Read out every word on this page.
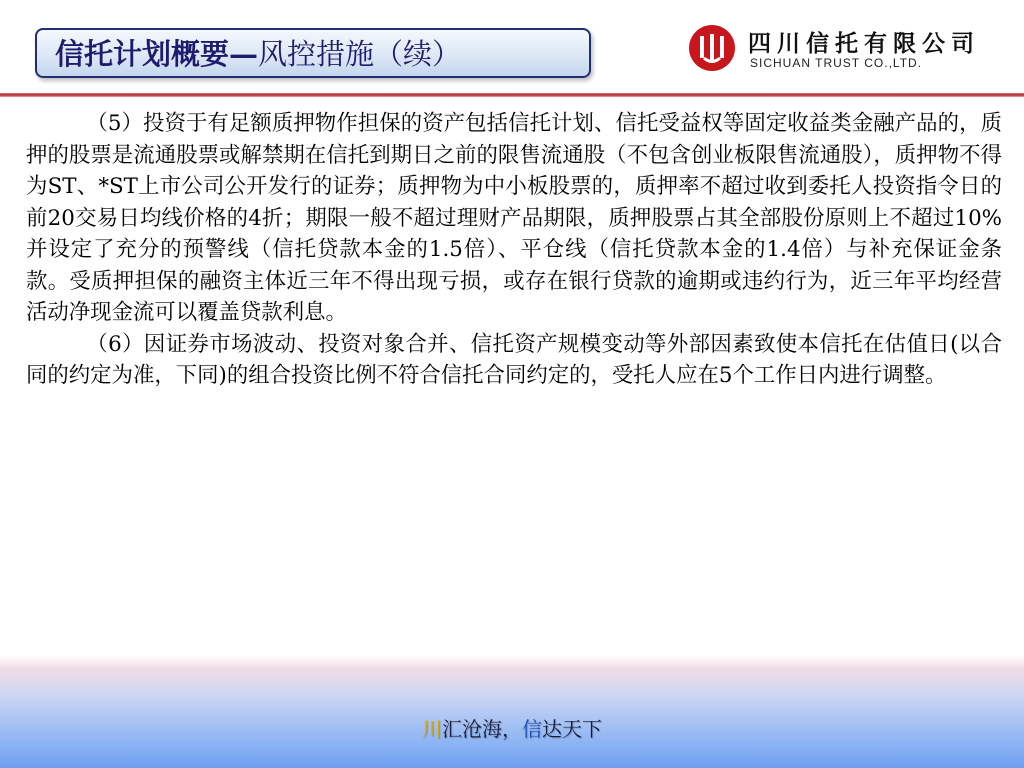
信托计划概要—风控措施（续）	四川信托有限公司
SICHUAN TRUST CO.,LTD.

（5）投资于有足额质押物作担保的资产包括信托计划、信托受益权等固定收益类金融产品的，质押的股票是流通股票或解禁期在信托到期日之前的限售流通股（不包含创业板限售流通股），质押物不得为ST、*ST上市公司公开发行的证券；质押物为中小板股票的，质押率不超过收到委托人投资指令日的前20交易日均线价格的4折；期限一般不超过理财产品期限，质押股票占其全部股份原则上不超过10%并设定了充分的预警线（信托贷款本金的1.5倍）、平仓线（信托贷款本金的1.4倍）与补充保证金条款。受质押担保的融资主体近三年不得出现亏损，或存在银行贷款的逾期或违约行为，近三年平均经营活动净现金流可以覆盖贷款利息。

（6）因证券市场波动、投资对象合并、信托资产规模变动等外部因素致使本信托在估值日(以合同的约定为准，下同)的组合投资比例不符合信托合同约定的，受托人应在5个工作日内进行调整。

川汇沧海，信达天下
